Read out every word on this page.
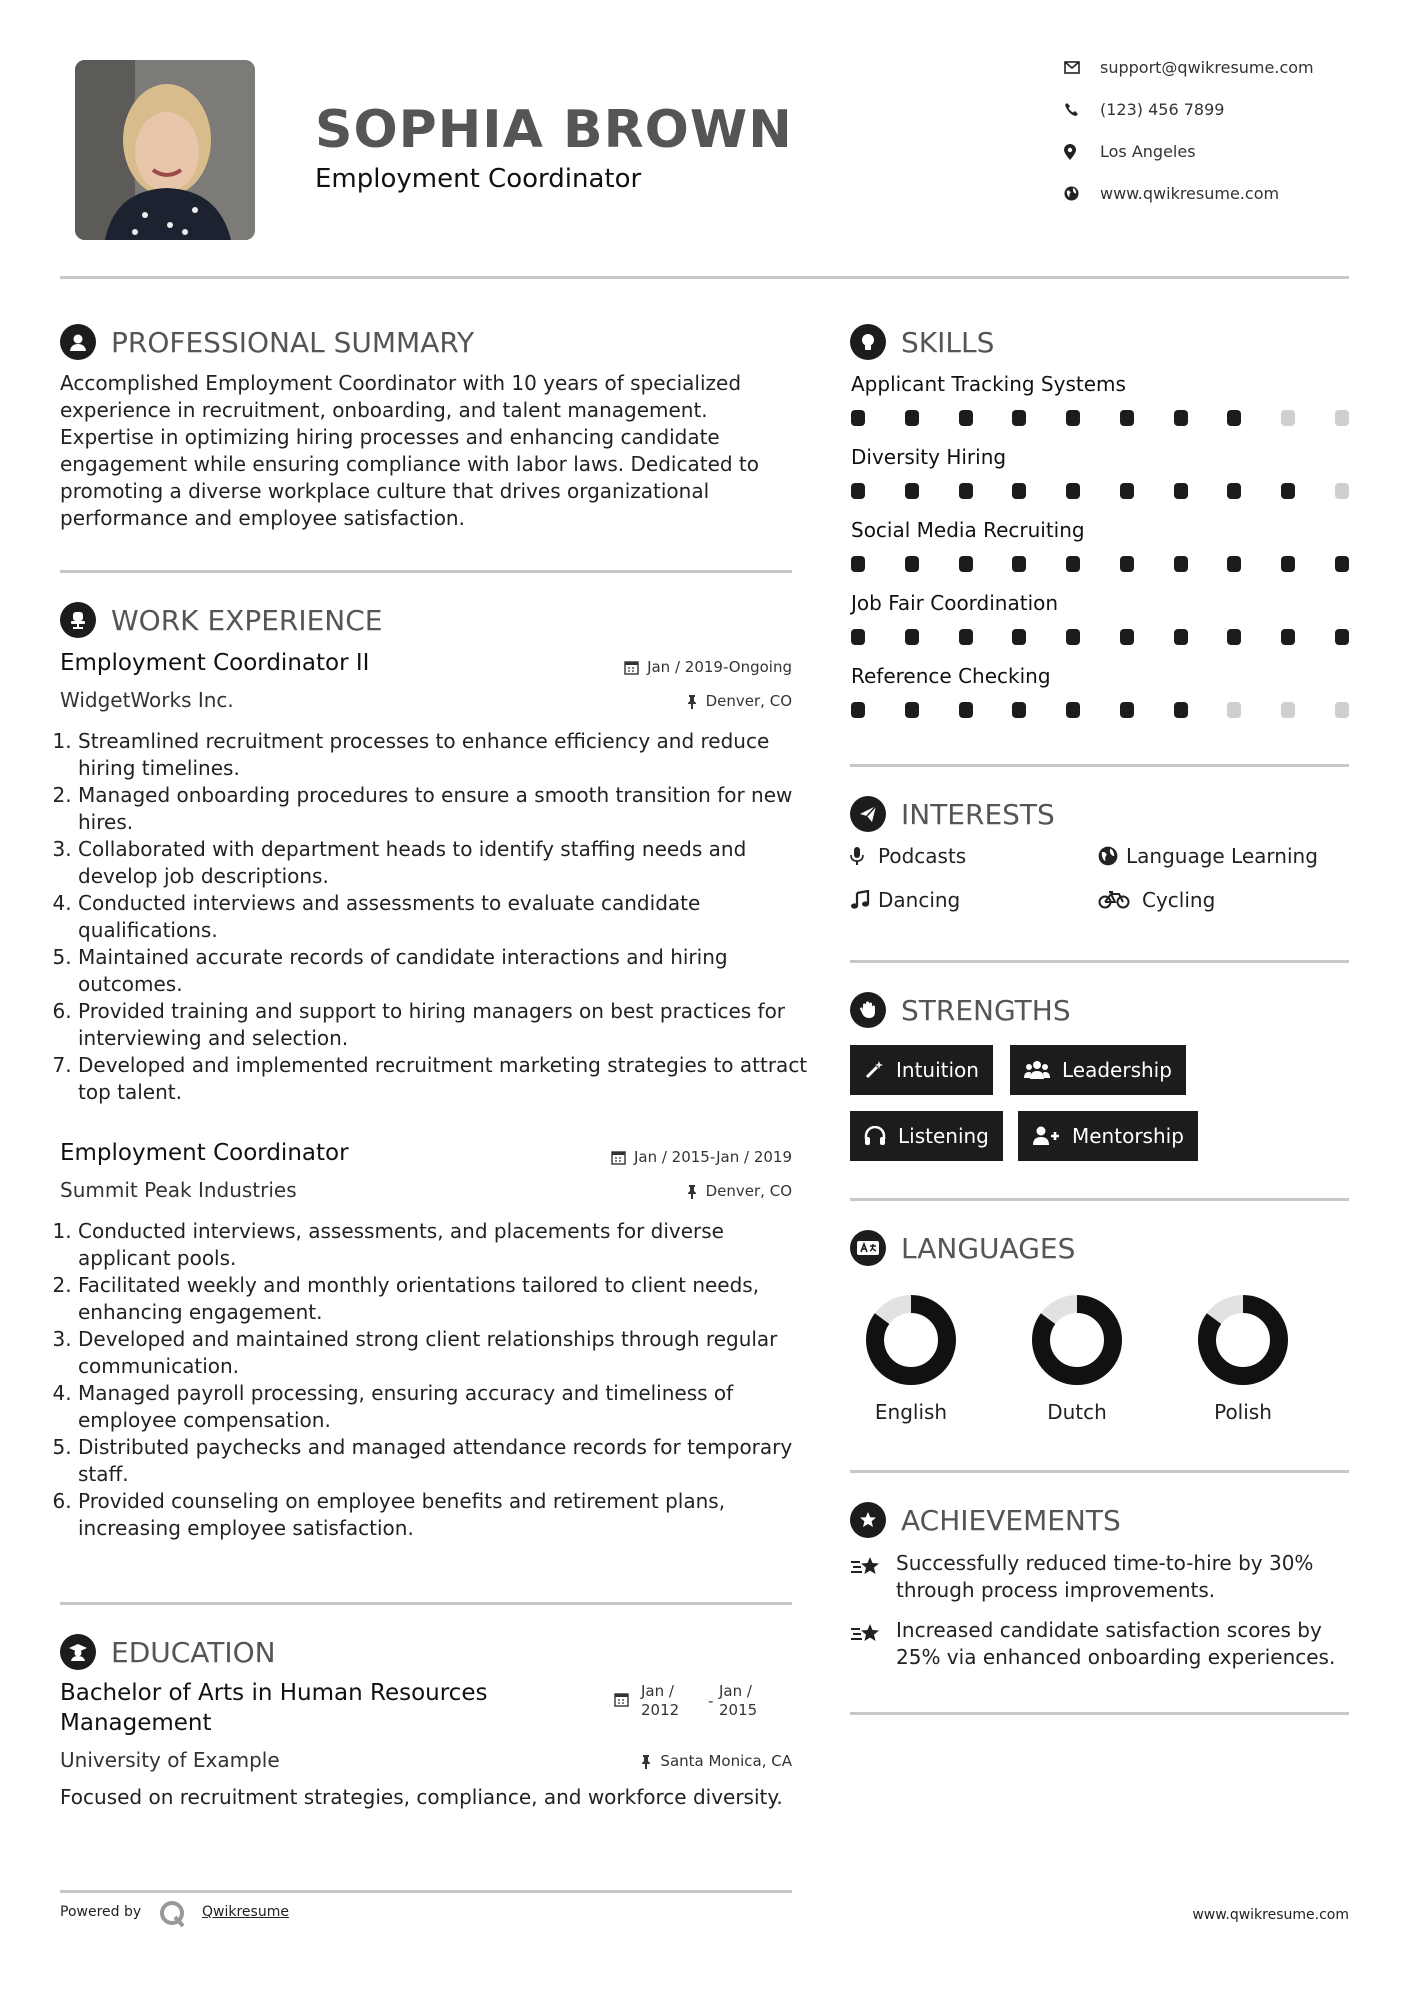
SOPHIA BROWN
Employment Coordinator
support@qwikresume.com
(123) 456 7899
Los Angeles
www.qwikresume.com
PROFESSIONAL SUMMARY
Accomplished Employment Coordinator with 10 years of specialized experience in recruitment, onboarding, and talent management. Expertise in optimizing hiring processes and enhancing candidate engagement while ensuring compliance with labor laws. Dedicated to promoting a diverse workplace culture that drives organizational performance and employee satisfaction.
WORK EXPERIENCE
Employment Coordinator II	Jan / 2019-Ongoing
WidgetWorks Inc.	Denver, CO
1. Streamlined recruitment processes to enhance efficiency and reduce hiring timelines.
2. Managed onboarding procedures to ensure a smooth transition for new hires.
3. Collaborated with department heads to identify staffing needs and develop job descriptions.
4. Conducted interviews and assessments to evaluate candidate qualifications.
5. Maintained accurate records of candidate interactions and hiring outcomes.
6. Provided training and support to hiring managers on best practices for interviewing and selection.
7. Developed and implemented recruitment marketing strategies to attract top talent.
Employment Coordinator	Jan / 2015-Jan / 2019
Summit Peak Industries	Denver, CO
1. Conducted interviews, assessments, and placements for diverse applicant pools.
2. Facilitated weekly and monthly orientations tailored to client needs, enhancing engagement.
3. Developed and maintained strong client relationships through regular communication.
4. Managed payroll processing, ensuring accuracy and timeliness of employee compensation.
5. Distributed paychecks and managed attendance records for temporary staff.
6. Provided counseling on employee benefits and retirement plans, increasing employee satisfaction.
EDUCATION
Bachelor of Arts in Human Resources
Management
Jan /
2012 -
Jan /
2015
University of Example	Santa Monica, CA
Focused on recruitment strategies, compliance, and workforce diversity.
SKILLS
Applicant Tracking Systems
Diversity Hiring
Social Media Recruiting
Job Fair Coordination
Reference Checking
INTERESTS
Podcasts	Language Learning
Dancing	Cycling
STRENGTHS
Intuition	Leadership
Listening	Mentorship
LANGUAGES
English	Dutch	Polish
ACHIEVEMENTS
Successfully reduced time-to-hire by 30% through process improvements.
Increased candidate satisfaction scores by 25% via enhanced onboarding experiences.
Powered by	Qwikresume	www.qwikresume.com
